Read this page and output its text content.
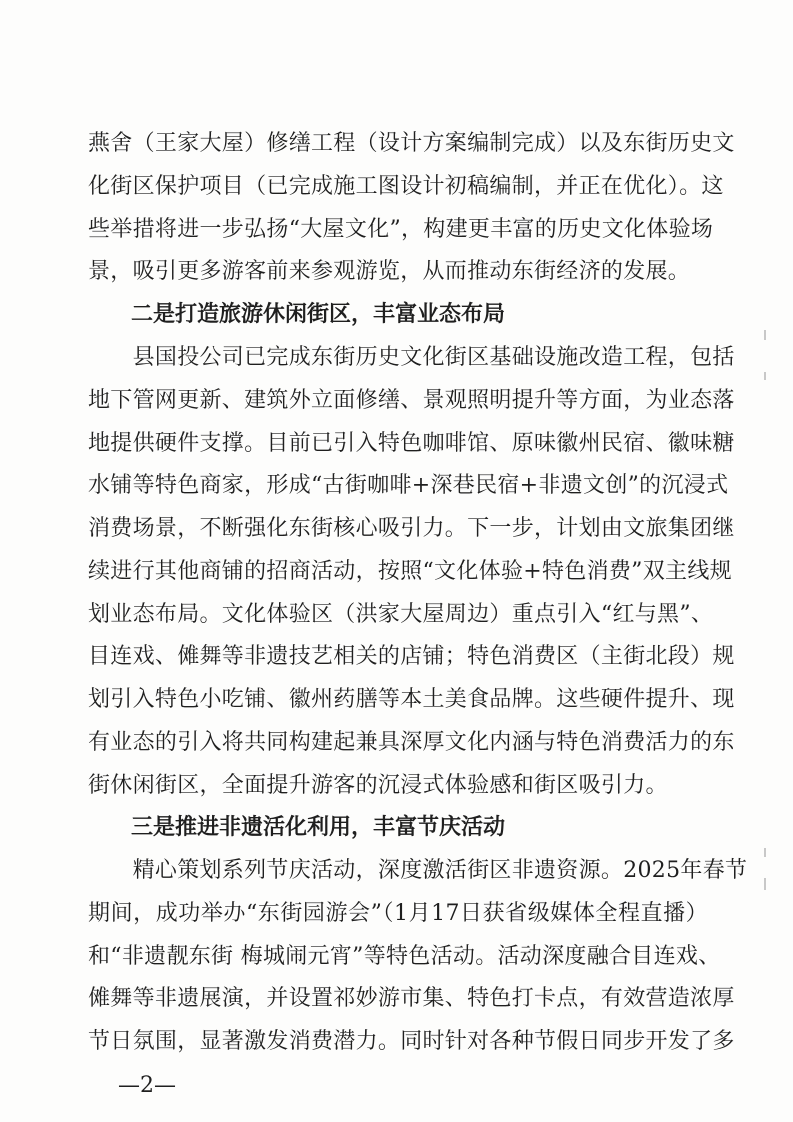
燕舍（王家大屋）修缮工程（设计方案编制完成）以及东街历史文
化街区保护项目（已完成施工图设计初稿编制，并正在优化）。这
些举措将进一步弘扬“大屋文化”，构建更丰富的历史文化体验场
景，吸引更多游客前来参观游览，从而推动东街经济的发展。
二是打造旅游休闲街区，丰富业态布局
　　县国投公司已完成东街历史文化街区基础设施改造工程，包括
地下管网更新、建筑外立面修缮、景观照明提升等方面，为业态落
地提供硬件支撑。目前已引入特色咖啡馆、原味徽州民宿、徽味糖
水铺等特色商家，形成“古街咖啡+深巷民宿+非遗文创”的沉浸式
消费场景，不断强化东街核心吸引力。下一步，计划由文旅集团继
续进行其他商铺的招商活动，按照“文化体验+特色消费”双主线规
划业态布局。文化体验区（洪家大屋周边）重点引入“红与黑”、
目连戏、傩舞等非遗技艺相关的店铺；特色消费区（主街北段）规
划引入特色小吃铺、徽州药膳等本土美食品牌。这些硬件提升、现
有业态的引入将共同构建起兼具深厚文化内涵与特色消费活力的东
街休闲街区，全面提升游客的沉浸式体验感和街区吸引力。
三是推进非遗活化利用，丰富节庆活动
　　精心策划系列节庆活动，深度激活街区非遗资源。2025年春节
期间，成功举办“东街园游会”（1月17日获省级媒体全程直播）
和“非遗靓东街 梅城闹元宵”等特色活动。活动深度融合目连戏、
傩舞等非遗展演，并设置祁妙游市集、特色打卡点，有效营造浓厚
节日氛围，显著激发消费潜力。同时针对各种节假日同步开发了多
—2—
